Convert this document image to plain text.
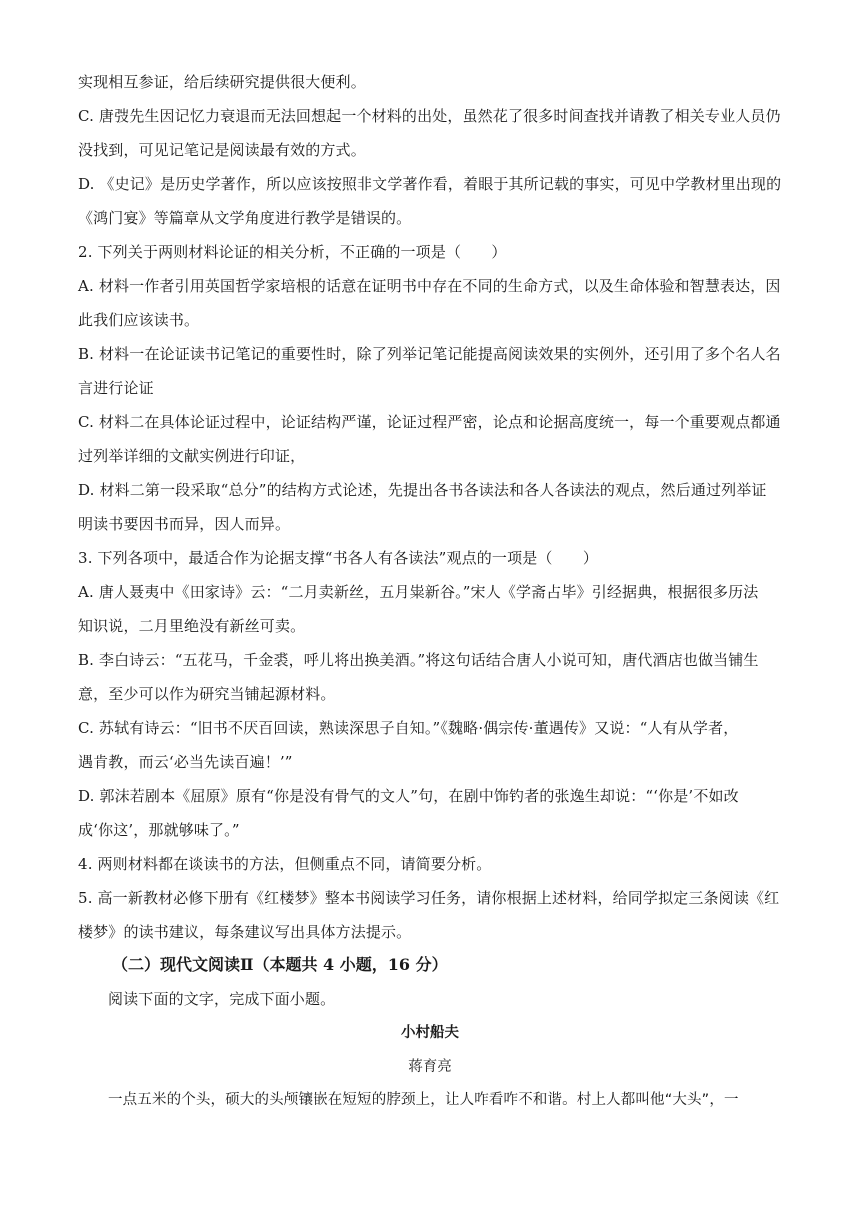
实现相互参证，给后续研究提供很大便利。
C. 唐弢先生因记忆力衰退而无法回想起一个材料的出处，虽然花了很多时间查找并请教了相关专业人员仍
没找到，可见记笔记是阅读最有效的方式。
D. 《史记》是历史学著作，所以应该按照非文学著作看，着眼于其所记载的事实，可见中学教材里出现的
《鸿门宴》等篇章从文学角度进行教学是错误的。
2. 下列关于两则材料论证的相关分析，不正确的一项是（　　）
A. 材料一作者引用英国哲学家培根的话意在证明书中存在不同的生命方式，以及生命体验和智慧表达，因
此我们应该读书。
B. 材料一在论证读书记笔记的重要性时，除了列举记笔记能提高阅读效果的实例外，还引用了多个名人名
言进行论证
C. 材料二在具体论证过程中，论证结构严谨，论证过程严密，论点和论据高度统一，每一个重要观点都通
过列举详细的文献实例进行印证，
D. 材料二第一段采取“总分”的结构方式论述，先提出各书各读法和各人各读法的观点，然后通过列举证
明读书要因书而异，因人而异。
3. 下列各项中，最适合作为论据支撑“书各人有各读法”观点的一项是（　　）
A. 唐人聂夷中《田家诗》云：“二月卖新丝，五月粜新谷。”宋人《学斋占毕》引经据典，根据很多历法
知识说，二月里绝没有新丝可卖。
B. 李白诗云：“五花马，千金裘，呼儿将出换美酒。”将这句话结合唐人小说可知，唐代酒店也做当铺生
意，至少可以作为研究当铺起源材料。
C. 苏轼有诗云：“旧书不厌百回读，熟读深思子自知。”《魏略·偶宗传·董遇传》又说：“人有从学者，
遇肯教，而云‘必当先读百遍！’”
D. 郭沫若剧本《屈原》原有“你是没有骨气的文人”句，在剧中饰钓者的张逸生却说：“‘你是’不如改
成‘你这’，那就够味了。”
4. 两则材料都在谈读书的方法，但侧重点不同，请简要分析。
5. 高一新教材必修下册有《红楼梦》整本书阅读学习任务，请你根据上述材料，给同学拟定三条阅读《红
楼梦》的读书建议，每条建议写出具体方法提示。
（二）现代文阅读Ⅱ（本题共 4 小题，16 分）
阅读下面的文字，完成下面小题。
小村船夫
蒋育亮
一点五米的个头，硕大的头颅镶嵌在短短的脖颈上，让人咋看咋不和谐。村上人都叫他“大头”，一
